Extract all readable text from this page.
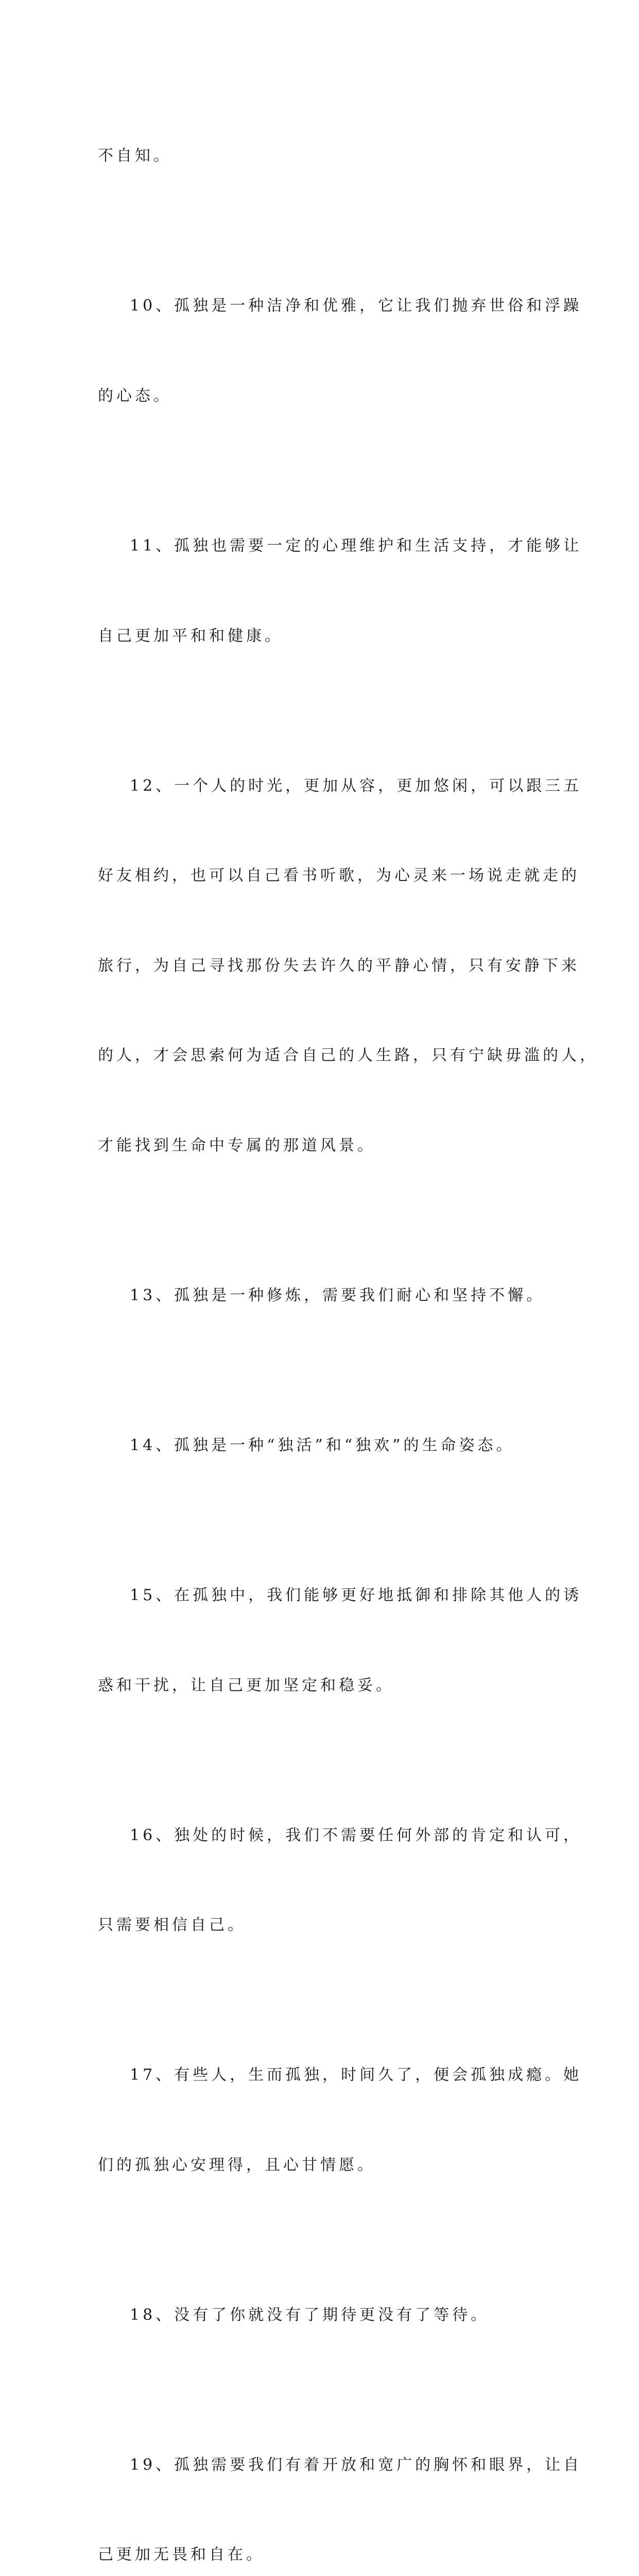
不自知。

10、孤独是一种洁净和优雅，它让我们抛弃世俗和浮躁

的心态。

11、孤独也需要一定的心理维护和生活支持，才能够让

自己更加平和和健康。

12、一个人的时光，更加从容，更加悠闲，可以跟三五

好友相约，也可以自己看书听歌，为心灵来一场说走就走的

旅行，为自己寻找那份失去许久的平静心情，只有安静下来

的人，才会思索何为适合自己的人生路，只有宁缺毋滥的人，

才能找到生命中专属的那道风景。

13、孤独是一种修炼，需要我们耐心和坚持不懈。

14、孤独是一种“独活”和“独欢”的生命姿态。

15、在孤独中，我们能够更好地抵御和排除其他人的诱

惑和干扰，让自己更加坚定和稳妥。

16、独处的时候，我们不需要任何外部的肯定和认可，

只需要相信自己。

17、有些人，生而孤独，时间久了，便会孤独成瘾。她

们的孤独心安理得，且心甘情愿。

18、没有了你就没有了期待更没有了等待。

19、孤独需要我们有着开放和宽广的胸怀和眼界，让自

己更加无畏和自在。
